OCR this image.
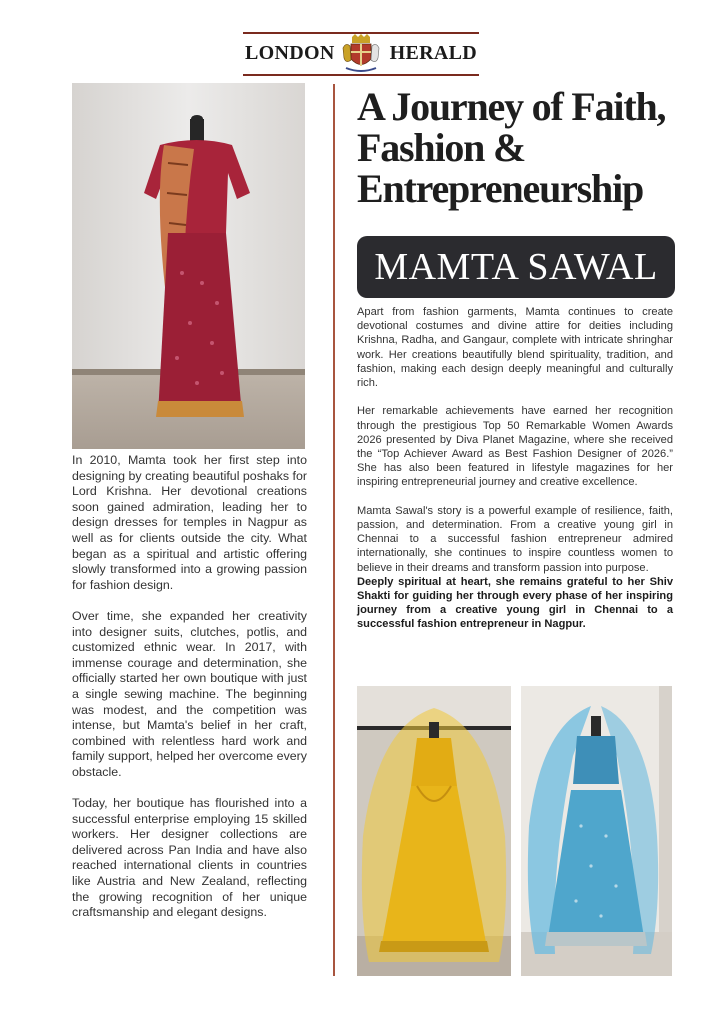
LONDON	HERALD

In 2010, Mamta took her first step into designing by creating beautiful poshaks for Lord Krishna. Her devotional creations soon gained admiration, leading her to design dresses for temples in Nagpur as well as for clients outside the city. What began as a spiritual and artistic offering slowly transformed into a growing passion for fashion design.

Over time, she expanded her creativity into designer suits, clutches, potlis, and customized ethnic wear. In 2017, with immense courage and determination, she officially started her own boutique with just a single sewing machine. The beginning was modest, and the competition was intense, but Mamta's belief in her craft, combined with relentless hard work and family support, helped her overcome every obstacle.

Today, her boutique has flourished into a successful enterprise employing 15 skilled workers. Her designer collections are delivered across Pan India and have also reached international clients in countries like Austria and New Zealand, reflecting the growing recognition of her unique craftsmanship and elegant designs.

A Journey of Faith,
Fashion &
Entrepreneurship
MAMTA SAWAL

Apart from fashion garments, Mamta continues to create devotional costumes and divine attire for deities including Krishna, Radha, and Gangaur, complete with intricate shringhar work. Her creations beautifully blend spirituality, tradition, and fashion, making each design deeply meaningful and culturally rich.

Her remarkable achievements have earned her recognition through the prestigious Top 50 Remarkable Women Awards 2026 presented by Diva Planet Magazine, where she received the “Top Achiever Award as Best Fashion Designer of 2026.” She has also been featured in lifestyle magazines for her inspiring entrepreneurial journey and creative excellence.

Mamta Sawal's story is a powerful example of resilience, faith, passion, and determination. From a creative young girl in Chennai to a successful fashion entrepreneur admired internationally, she continues to inspire countless women to believe in their dreams and transform passion into purpose.

Deeply spiritual at heart, she remains grateful to her Shiv Shakti for guiding her through every phase of her inspiring journey from a creative young girl in Chennai to a successful fashion entrepreneur in Nagpur.
